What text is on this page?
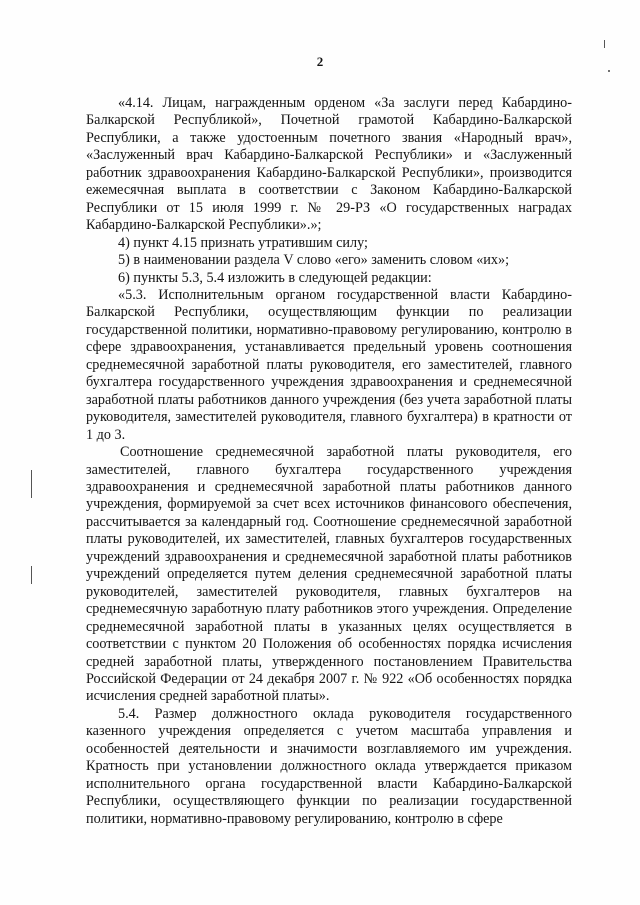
2

«4.14. Лицам, награжденным орденом «За заслуги перед Кабардино-Балкарской Республикой», Почетной грамотой Кабардино-Балкарской Республики, а также удостоенным почетного звания «Народный врач», «Заслуженный врач Кабардино-Балкарской Республики» и «Заслуженный работник здравоохранения Кабардино-Балкарской Республики», производится ежемесячная выплата в соответствии с Законом Кабардино-Балкарской Республики от 15 июля 1999 г. № 29-РЗ «О государственных наградах Кабардино-Балкарской Республики».»;

4) пункт 4.15 признать утратившим силу;

5) в наименовании раздела V слово «его» заменить словом «их»;

6) пункты 5.3, 5.4 изложить в следующей редакции:

«5.3. Исполнительным органом государственной власти Кабардино-Балкарской Республики, осуществляющим функции по реализации государственной политики, нормативно-правовому регулированию, контролю в сфере здравоохранения, устанавливается предельный уровень соотношения среднемесячной заработной платы руководителя, его заместителей, главного бухгалтера государственного учреждения здравоохранения и среднемесячной заработной платы работников данного учреждения (без учета заработной платы руководителя, заместителей руководителя, главного бухгалтера) в кратности от 1 до 3.

Соотношение среднемесячной заработной платы руководителя, его заместителей, главного бухгалтера государственного учреждения здравоохранения и среднемесячной заработной платы работников данного учреждения, формируемой за счет всех источников финансового обеспечения, рассчитывается за календарный год. Соотношение среднемесячной заработной платы руководителей, их заместителей, главных бухгалтеров государственных учреждений здравоохранения и среднемесячной заработной платы работников учреждений определяется путем деления среднемесячной заработной платы руководителей, заместителей руководителя, главных бухгалтеров на среднемесячную заработную плату работников этого учреждения. Определение среднемесячной заработной платы в указанных целях осуществляется в соответствии с пунктом 20 Положения об особенностях порядка исчисления средней заработной платы, утвержденного постановлением Правительства Российской Федерации от 24 декабря 2007 г. № 922 «Об особенностях порядка исчисления средней заработной платы».

5.4. Размер должностного оклада руководителя государственного казенного учреждения определяется с учетом масштаба управления и особенностей деятельности и значимости возглавляемого им учреждения. Кратность при установлении должностного оклада утверждается приказом исполнительного органа государственной власти Кабардино-Балкарской Республики, осуществляющего функции по реализации государственной политики, нормативно-правовому регулированию, контролю в сфере
